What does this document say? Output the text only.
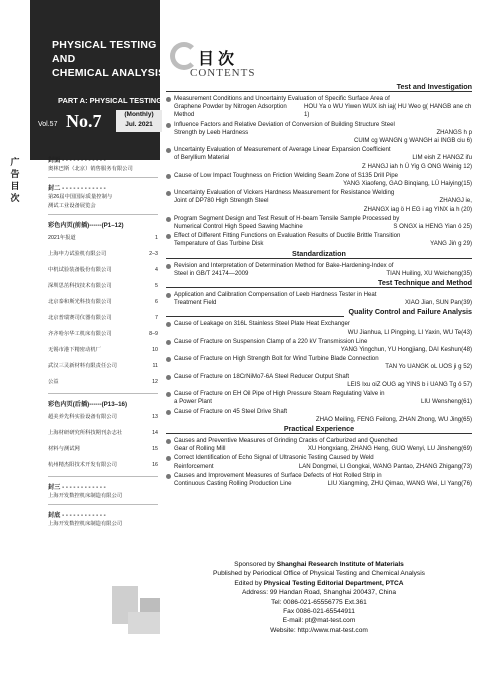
PHYSICAL TESTING
AND
CHEMICAL ANALYSIS
PART A: PHYSICAL TESTING
Vol.57 No.7	(Monthly)
Jul. 2021
广
告
目
次
封面 - - - - - - - - - - - -
奥林巴斯（北京）销售服务有限公司
封二 - - - - - - - - - - - -
第26届中国国际质量控制与
测试工业设备展览会
彩色内页(前插)------(P1–12)
2021年报道	1
上海申力试验机有限公司	2–3
中机试验装备股份有限公司	4
深圳思茁科技技术有限公司	5
北京泰和斯光科技有限公司	6
北京普瑞赛司仪器有限公司	7
齐齐哈尔华工机床有限公司	8–9
无锡市港下精密动机厂	10
武汉三灵新材料有限责任公司	11
公益	12
彩色内页(后插)------(P13–16)
超美养先科实验设备有限公司	13
上海材研研究所科技期刊杂志社	14
材料与测试网	15
杭州精杰阳技术开发有限公司	16
封三 - - - - - - - - - - - -
上海开发数控机床制造有限公司
封底 - - - - - - - - - - - -
上海开发数控机床制造有限公司
目次
CONTENTS
Test and Investigation
Measurement Conditions and Uncertainty Evaluation of Specific Surface Area of
Graphene Powder by Nitrogen Adsorption Method
HOU Ya o WU Yiwen WUX ish iaj( HU Weo g( HANGB ane ch 1)
Influence Factors and Relative Deviation of Conversion of Building Structure Steel
Strength by Leeb Hardness	ZHANGS h p
CUIM cg WANGN g WANGH ai INGB ciu 6)
Uncertainty Evaluation of Measurement of Average Linear Expansion Coefficient
of Beryllium Material	LIM eish Z HANGZ ifu
Z HANGJ iah h Ü Yig G ONG Weinig 12)
Cause of Low Impact Toughness on Friction Welding Seam Zone of S135 Drill Pipe
YANG Xiaofeng, GAO Binqiang, LÜ Haiying(15)
Uncertainty Evaluation of Vickers Hardness Measurement for Resistance Welding
Joint of DP780 High Strength Steel	ZHANGJ ie,
ZHANGX iag ö H EG i ag YINX ia h (20)
Program Segment Design and Test Result of H-beam Tensile Sample Processed by
Numerical Control High Speed Sawing Machine	S ONGX ia HENG Yian ö 25)
Effect of Different Fitting Functions on Evaluation Results of Ductile Brittle Transition
Temperature of Gas Turbine Disk	YANG Jiṅ g 29)
Standardization
Revision and Interpretation of Determination Method for Bake-Hardening-Index of
Steel in GB/T 24174—2009	TIAN Huiling, XU Weicheng(35)
Test Technique and Method
Application and Calibration Compensation of Leeb Hardness Tester in Heat
Treatment Field	XIAO Jian, SUN Pan(39)
Quality Control and Failure Analysis
Cause of Leakage on 316L Stainless Steel Plate Heat Exchanger
WU Jianhua, LI Pingping, LI Yaxin, WU Te(43)
Cause of Fracture on Suspension Clamp of a 220 kV Transmission Line
YANG Yingchun, YU Hongjiang, DAI Keshun(48)
Cause of Fracture on High Strength Bolt for Wind Turbine Blade Connection
TAN Yo UANGK oL UOS ji g 52)
Cause of Fracture on 18CrNiMo7-6A Steel Reducer Output Shaft
LEIS Ixu oiZ OUG ag YINS b i UANG Tg ö 57)
Cause of Fracture on EH Oil Pipe of High Pressure Steam Regulating Valve in
a Power Plant	LIU Wensheng(61)
Cause of Fracture on 45 Steel Drive Shaft
ZHAO Meiling, FENG Feilong, ZHAN Zhong, WU Jing(65)
Practical Experience
Causes and Preventive Measures of Grinding Cracks of Carburized and Quenched
Gear of Rolling Mill	XU Hongxiang, ZHANG Heng, GUO Wenyi, LU Jinsheng(69)
Correct Identification of Echo Signal of Ultrasonic Testing Caused by Weld
Reinforcement	LAN Dongmei, LI Gongkai, WANG Pantao, ZHANG Zhigang(73)
Causes and Improvement Measures of Surface Defects of Hot Rolled Strip in
Continuous Casting Rolling Production Line	LIU Xiangming, ZHU Qimao, WANG Wei, LI Yang(76)
Sponsored by Shanghai Research Institute of Materials
Published by Periodical Office of Physical Testing and Chemical Analysis
Edited by Physical Testing Editorial Department, PTCA
Address: 99 Handan Road, Shanghai 200437, China
Tel: 0086-021-65556775 Ext.361
Fax 0086-021-65544911
E-mail: pt@mat-test.com
Website: http://www.mat-test.com
